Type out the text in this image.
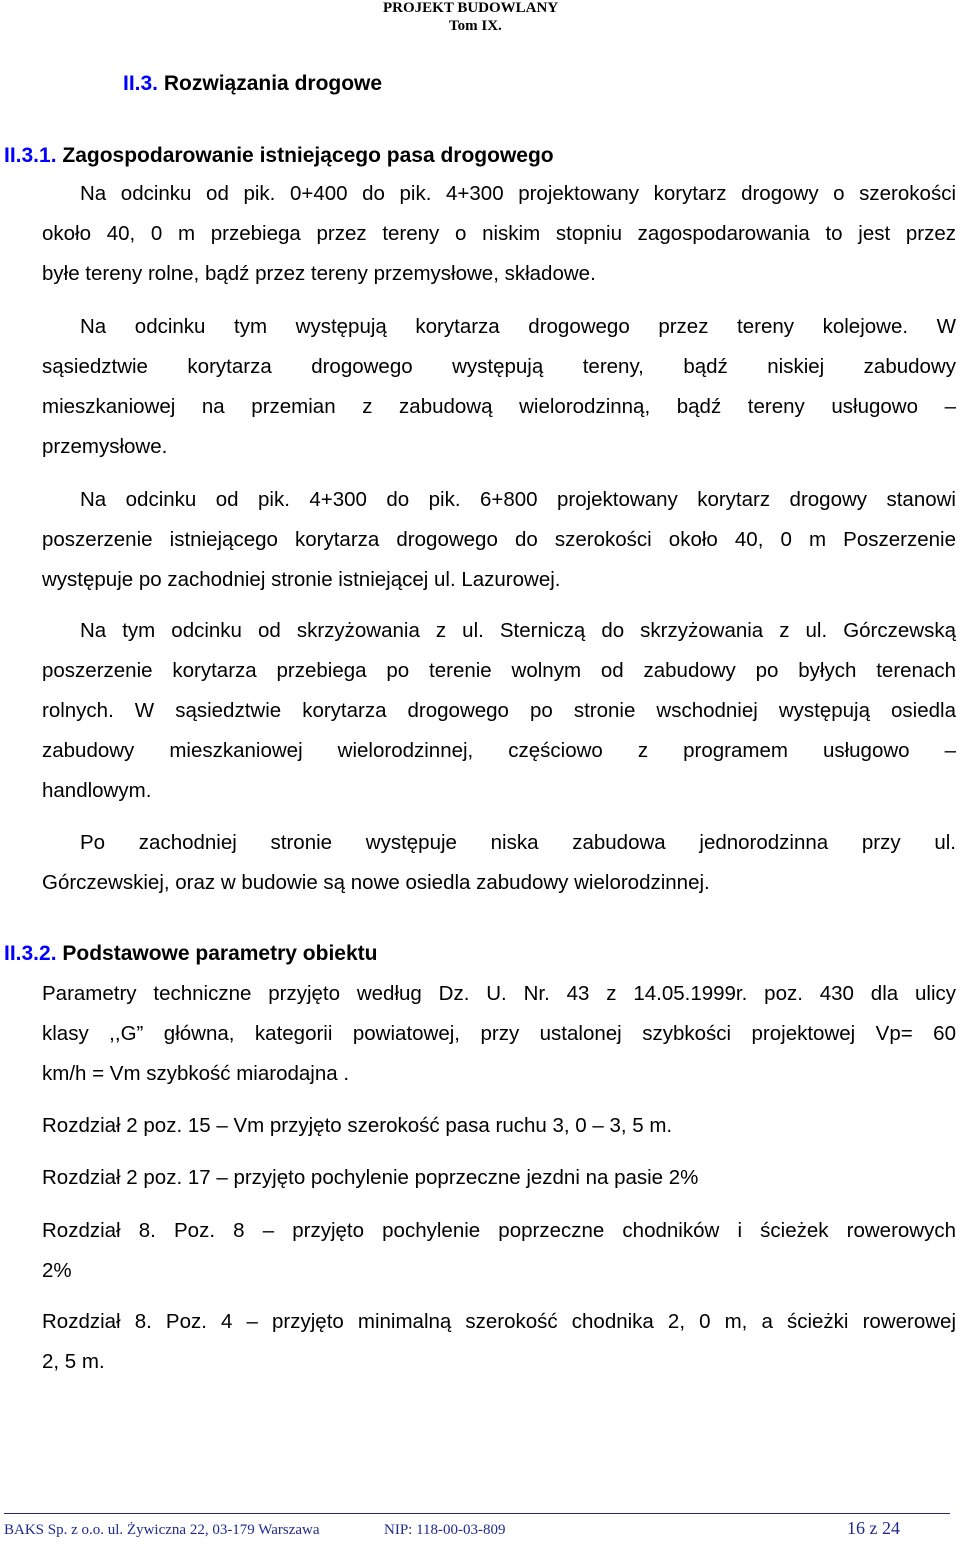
PROJEKT BUDOWLANY
Tom IX.
II.3. Rozwiązania drogowe
II.3.1. Zagospodarowanie istniejącego pasa drogowego
Na odcinku od pik. 0+400 do pik. 4+300 projektowany korytarz drogowy o szerokości
około 40, 0 m przebiega przez tereny o niskim stopniu zagospodarowania to jest przez
byłe tereny rolne, bądź przez tereny przemysłowe, składowe.
Na odcinku tym występują korytarza drogowego przez tereny kolejowe. W
sąsiedztwie korytarza drogowego występują tereny, bądź niskiej zabudowy
mieszkaniowej na przemian z zabudową wielorodzinną, bądź tereny usługowo –
przemysłowe.
Na odcinku od pik. 4+300 do pik. 6+800 projektowany korytarz drogowy stanowi
poszerzenie istniejącego korytarza drogowego do szerokości około 40, 0 m Poszerzenie
występuje po zachodniej stronie istniejącej ul. Lazurowej.
Na tym odcinku od skrzyżowania z ul. Sterniczą do skrzyżowania z ul. Górczewską
poszerzenie korytarza przebiega po terenie wolnym od zabudowy po byłych terenach
rolnych. W sąsiedztwie korytarza drogowego po stronie wschodniej występują osiedla
zabudowy mieszkaniowej wielorodzinnej, częściowo z programem usługowo –
handlowym.
Po zachodniej stronie występuje niska zabudowa jednorodzinna przy ul.
Górczewskiej, oraz w budowie są nowe osiedla zabudowy wielorodzinnej.
II.3.2. Podstawowe parametry obiektu
Parametry techniczne przyjęto według Dz. U. Nr. 43 z 14.05.1999r. poz. 430 dla ulicy
klasy ,,G” główna, kategorii powiatowej, przy ustalonej szybkości projektowej Vp= 60
km/h = Vm szybkość miarodajna .
Rozdział 2 poz. 15 – Vm przyjęto szerokość pasa ruchu 3, 0 – 3, 5 m.
Rozdział 2 poz. 17 – przyjęto pochylenie poprzeczne jezdni na pasie 2%
Rozdział 8. Poz. 8 – przyjęto pochylenie poprzeczne chodników i ścieżek rowerowych
2%
Rozdział 8. Poz. 4 – przyjęto minimalną szerokość chodnika 2, 0 m, a ścieżki rowerowej
2, 5 m.
BAKS Sp. z o.o. ul. Żywiczna 22, 03-179 Warszawa	NIP: 118-00-03-809	16 z 24
